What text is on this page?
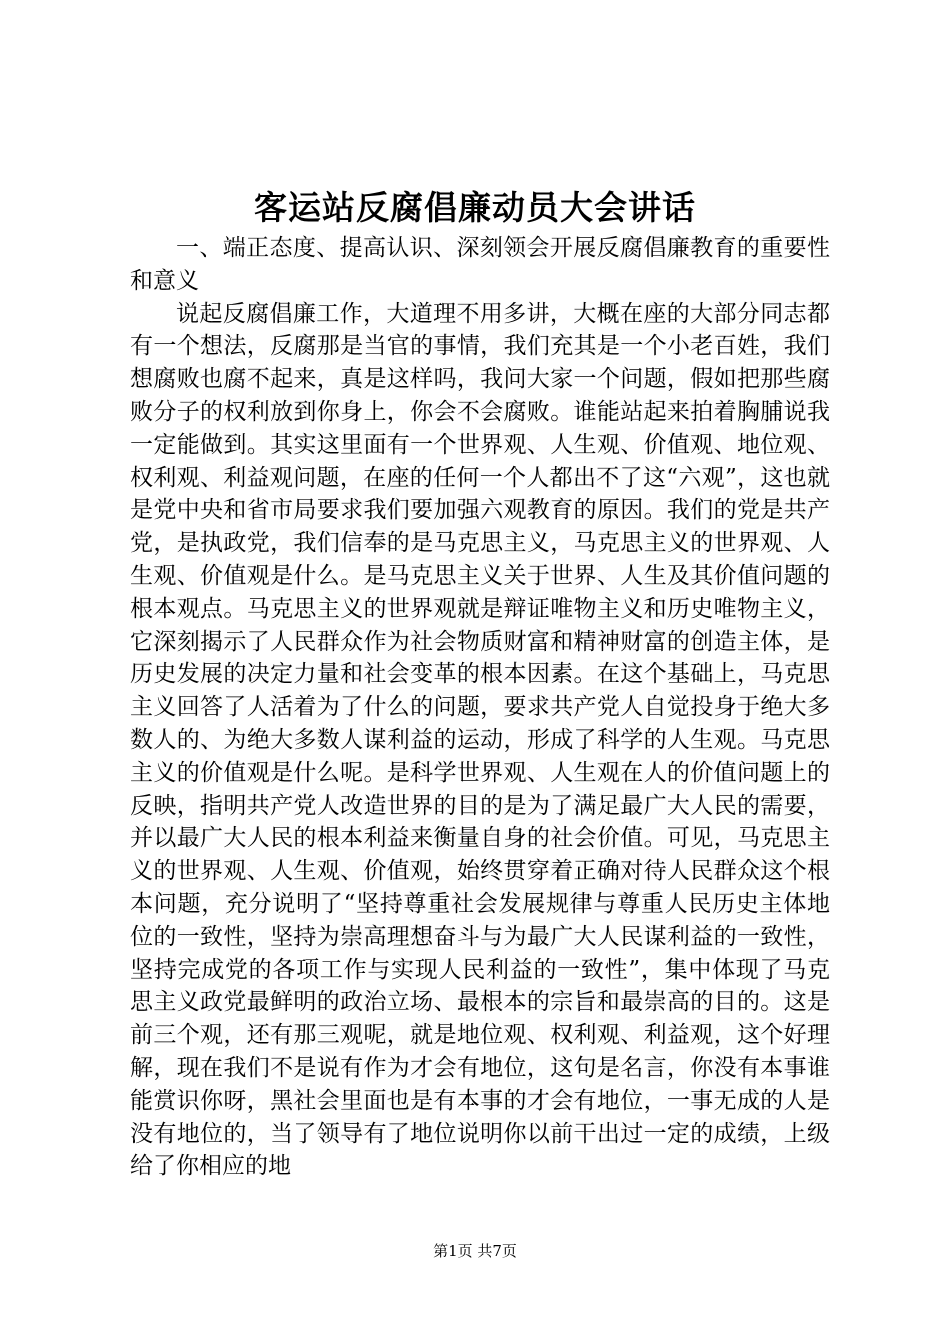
客运站反腐倡廉动员大会讲话

一、端正态度、提高认识、深刻领会开展反腐倡廉教育的重要性和意义

说起反腐倡廉工作，大道理不用多讲，大概在座的大部分同志都有一个想法，反腐那是当官的事情，我们充其是一个小老百姓，我们想腐败也腐不起来，真是这样吗，我问大家一个问题，假如把那些腐败分子的权利放到你身上，你会不会腐败。谁能站起来拍着胸脯说我一定能做到。其实这里面有一个世界观、人生观、价值观、地位观、权利观、利益观问题，在座的任何一个人都出不了这“六观”，这也就是党中央和省市局要求我们要加强六观教育的原因。我们的党是共产党，是执政党，我们信奉的是马克思主义，马克思主义的世界观、人生观、价值观是什么。是马克思主义关于世界、人生及其价值问题的根本观点。马克思主义的世界观就是辩证唯物主义和历史唯物主义，它深刻揭示了人民群众作为社会物质财富和精神财富的创造主体，是历史发展的决定力量和社会变革的根本因素。在这个基础上，马克思主义回答了人活着为了什么的问题，要求共产党人自觉投身于绝大多数人的、为绝大多数人谋利益的运动，形成了科学的人生观。马克思主义的价值观是什么呢。是科学世界观、人生观在人的价值问题上的反映，指明共产党人改造世界的目的是为了满足最广大人民的需要，并以最广大人民的根本利益来衡量自身的社会价值。可见，马克思主义的世界观、人生观、价值观，始终贯穿着正确对待人民群众这个根本问题，充分说明了“坚持尊重社会发展规律与尊重人民历史主体地位的一致性，坚持为崇高理想奋斗与为最广大人民谋利益的一致性，坚持完成党的各项工作与实现人民利益的一致性”，集中体现了马克思主义政党最鲜明的政治立场、最根本的宗旨和最崇高的目的。这是前三个观，还有那三观呢，就是地位观、权利观、利益观，这个好理解，现在我们不是说有作为才会有地位，这句是名言，你没有本事谁能赏识你呀，黑社会里面也是有本事的才会有地位，一事无成的人是没有地位的，当了领导有了地位说明你以前干出过一定的成绩，上级给了你相应的地

第1页 共7页
